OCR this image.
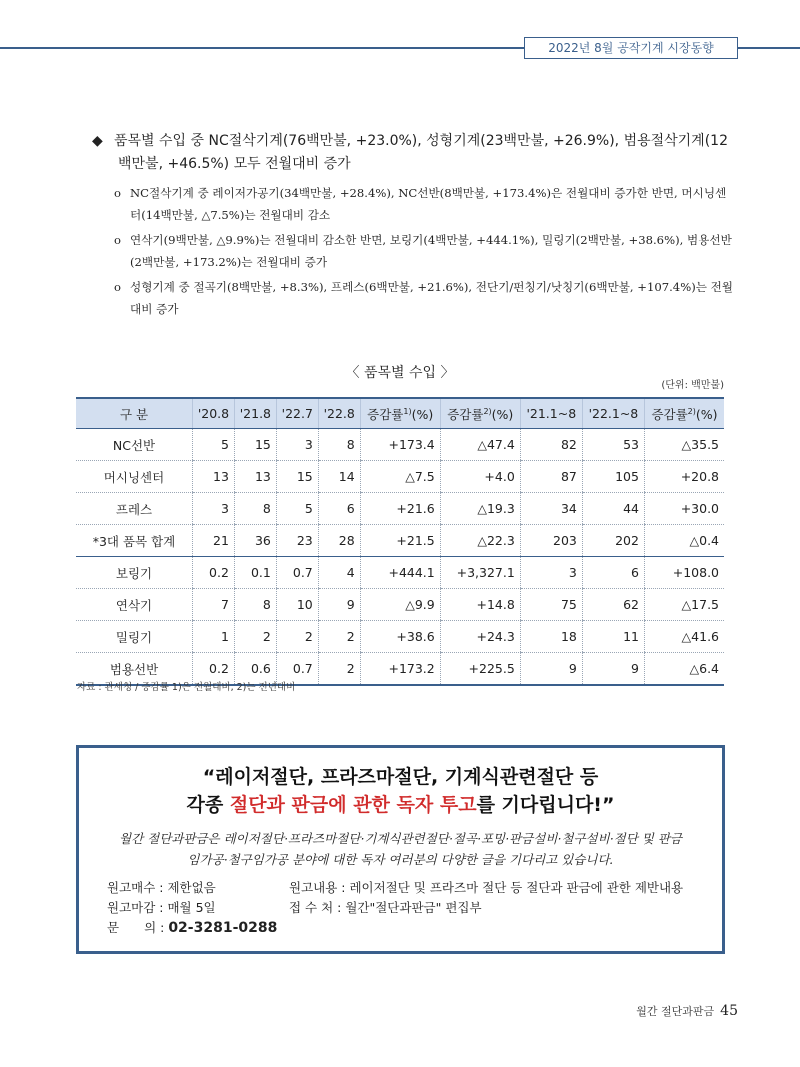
2022년 8월 공작기계 시장동향
◆ 품목별 수입 중 NC절삭기계(76백만불, +23.0%), 성형기계(23백만불, +26.9%), 범용절삭기계(12백만불, +46.5%) 모두 전월대비 증가
o NC절삭기계 중 레이저가공기(34백만불, +28.4%), NC선반(8백만불, +173.4%)은 전월대비 증가한 반면, 머시닝센터(14백만불, △7.5%)는 전월대비 감소
o 연삭기(9백만불, △9.9%)는 전월대비 감소한 반면, 보링기(4백만불, +444.1%), 밀링기(2백만불, +38.6%), 범용선반(2백만불, +173.2%)는 전월대비 증가
o 성형기계 중 절곡기(8백만불, +8.3%), 프레스(6백만불, +21.6%), 전단기/펀칭기/낫칭기(6백만불, +107.4%)는 전월대비 증가
〈 품목별 수입 〉
(단위: 백만불)
구 분	'20.8	'21.8	'22.7	'22.8	증감률$^{1)}$(%)	증감률$^{2)}$(%)	'21.1~8	'22.1~8	증감률$^{2)}$(%)
NC선반	5	15	3	8	+173.4	△47.4	82	53	△35.5
머시닝센터	13	13	15	14	△7.5	+4.0	87	105	+20.8
프레스	3	8	5	6	+21.6	△19.3	34	44	+30.0
*3대 품목 합계	21	36	23	28	+21.5	△22.3	203	202	△0.4
보링기	0.2	0.1	0.7	4	+444.1	+3,327.1	3	6	+108.0
연삭기	7	8	10	9	△9.9	+14.8	75	62	△17.5
밀링기	1	2	2	2	+38.6	+24.3	18	11	△41.6
범용선반	0.2	0.6	0.7	2	+173.2	+225.5	9	9	△6.4
자료 : 관세청 / 증감률 1)은 전월대비, 2)는 전년대비
“레이저절단, 프라즈마절단, 기계식관련절단 등
각종 절단과 판금에 관한 독자 투고를 기다립니다!”
월간 절단과판금은 레이저절단·프라즈마절단·기계식관련절단·절곡·포밍·판금설비·철구설비·절단 및 판금
임가공·철구임가공 분야에 대한 독자 여러분의 다양한 글을 기다리고 있습니다.
원고매수 : 제한없음
원고마감 : 매월 5일
문　　의 : 02-3281-0288
원고내용 : 레이저절단 및 프라즈마 절단 등 절단과 판금에 관한 제반내용
접 수 처 : 월간"절단과판금" 편집부
월간 절단과판금 45
